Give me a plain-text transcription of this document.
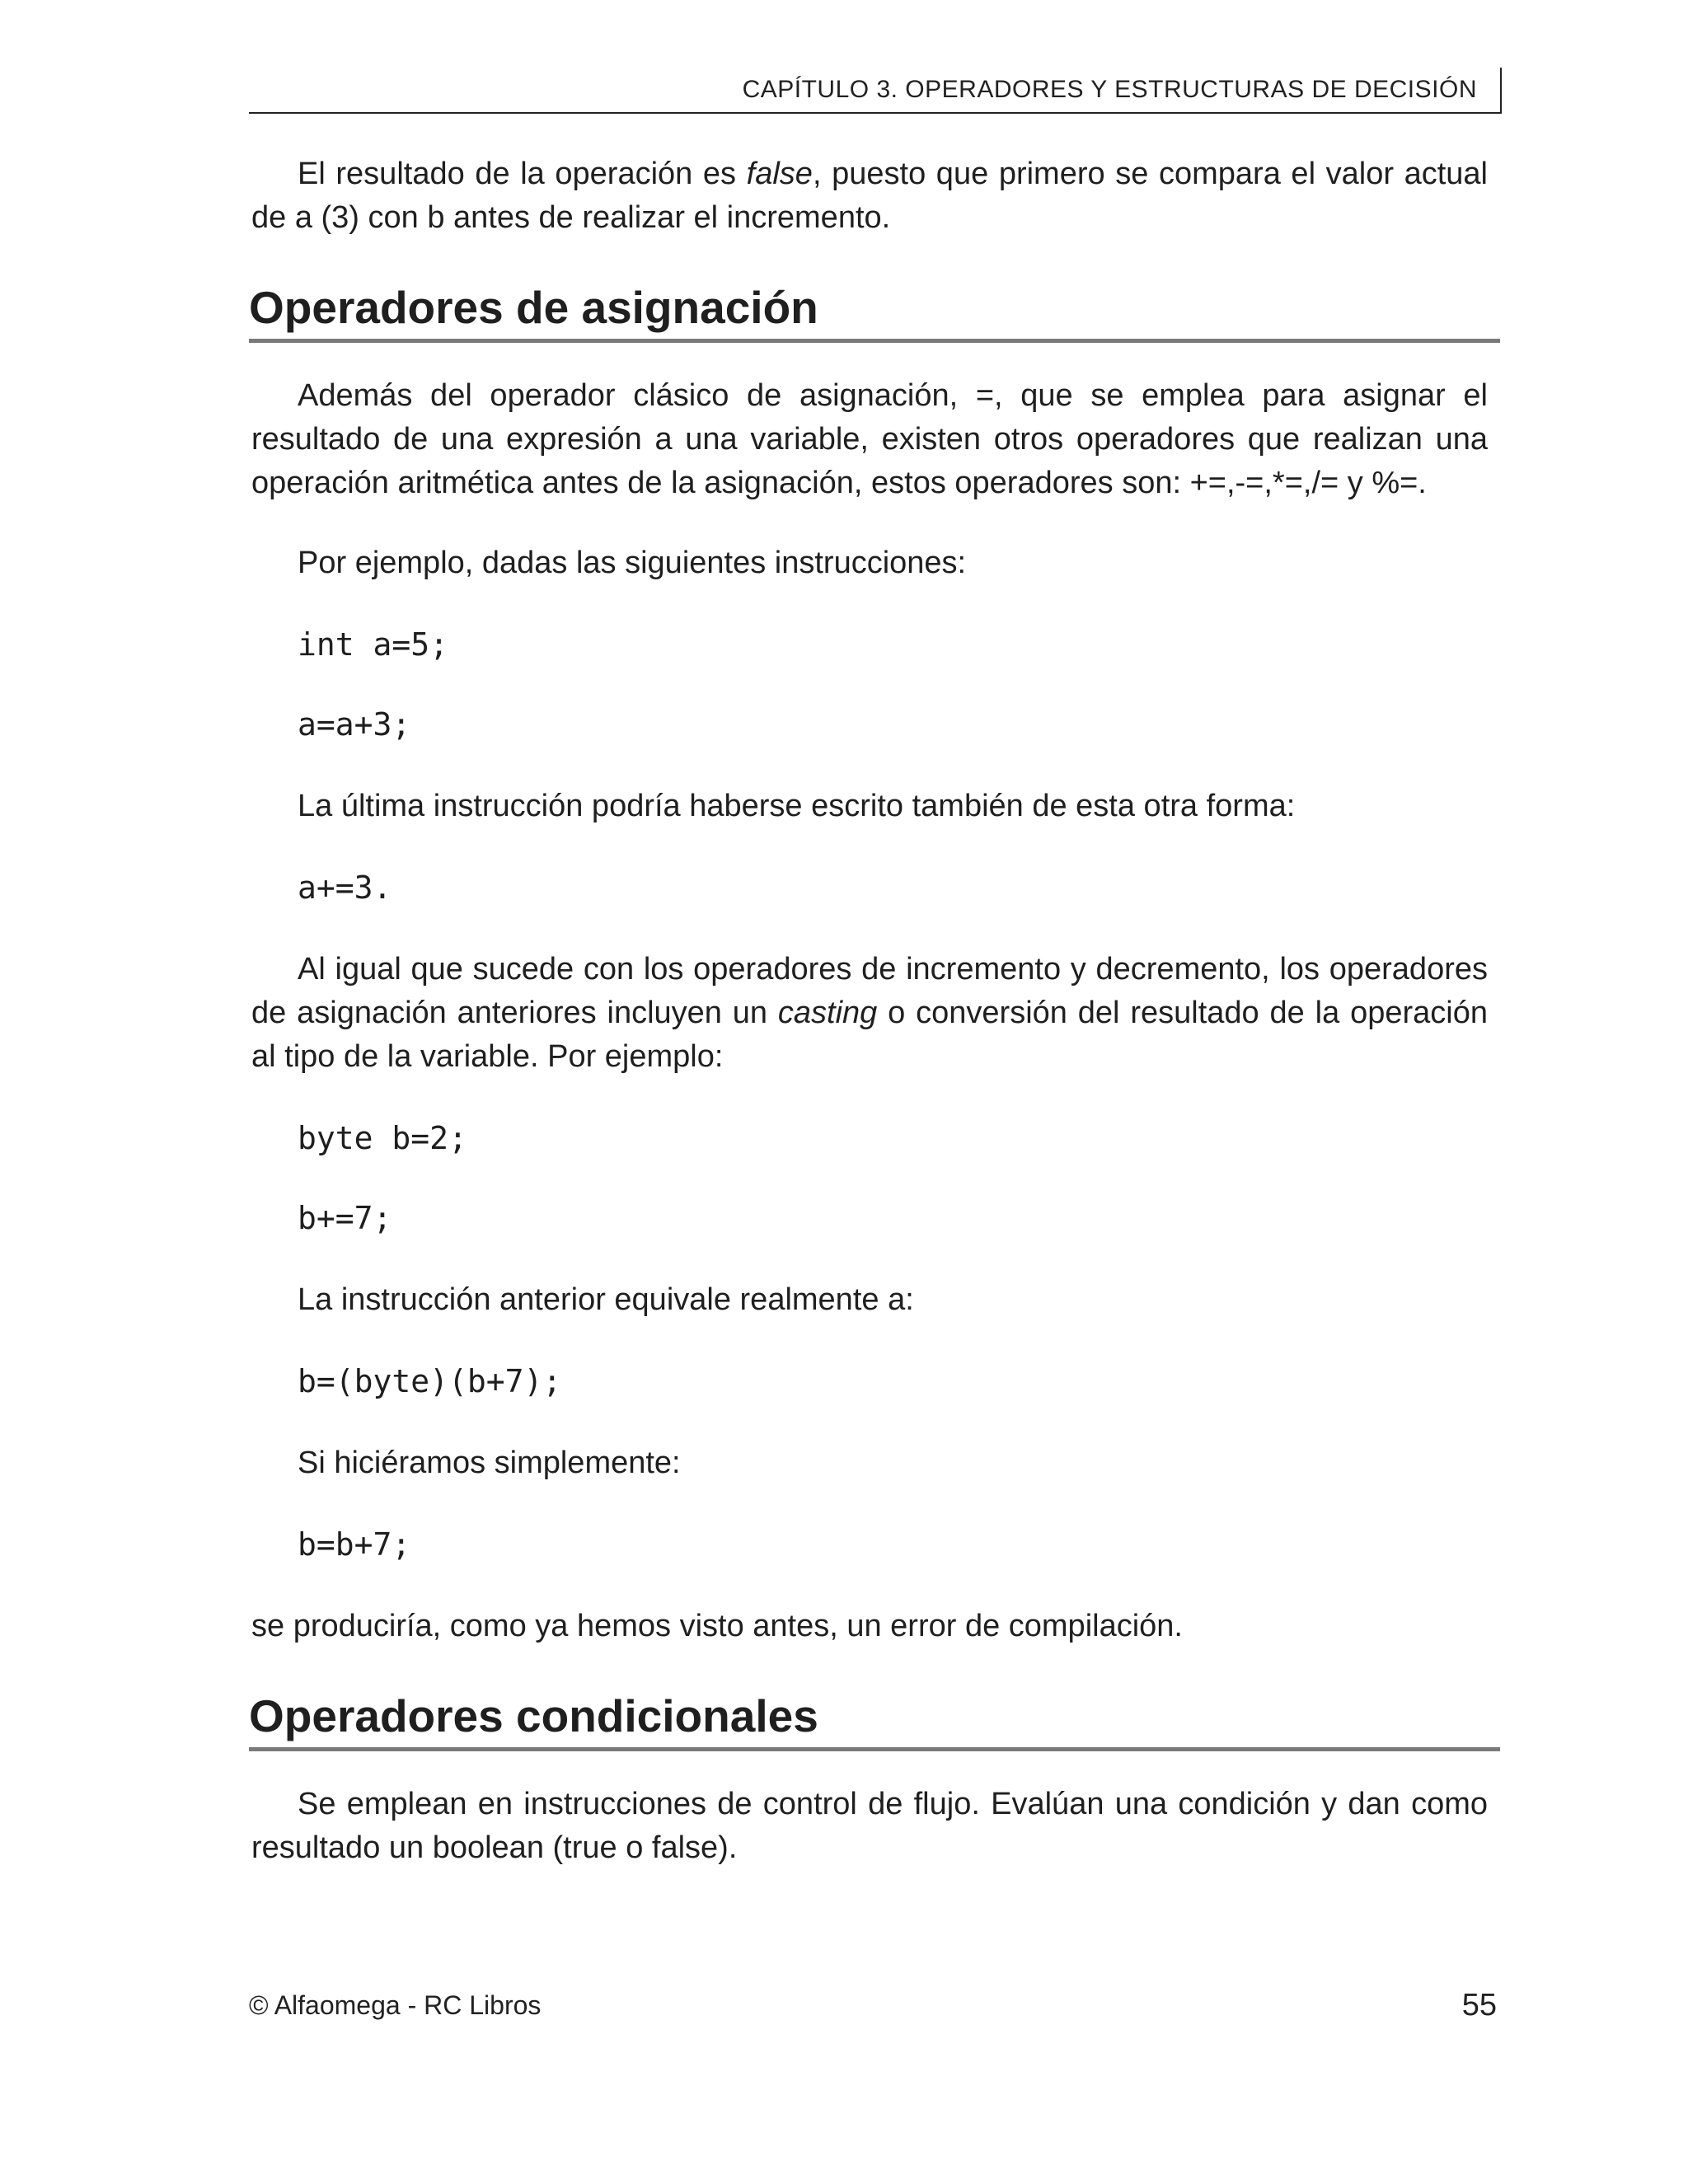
CAPÍTULO 3. OPERADORES Y ESTRUCTURAS DE DECISIÓN

El resultado de la operación es false, puesto que primero se compara el valor actual de a (3) con b antes de realizar el incremento.

Operadores de asignación

Además del operador clásico de asignación, =, que se emplea para asignar el resultado de una expresión a una variable, existen otros operadores que realizan una operación aritmética antes de la asignación, estos operadores son: +=,-=,*=,/= y %=.

Por ejemplo, dadas las siguientes instrucciones:

int a=5;
a=a+3;

La última instrucción podría haberse escrito también de esta otra forma:

a+=3.

Al igual que sucede con los operadores de incremento y decremento, los operadores de asignación anteriores incluyen un casting o conversión del resultado de la operación al tipo de la variable. Por ejemplo:

byte b=2;
b+=7;

La instrucción anterior equivale realmente a:

b=(byte)(b+7);

Si hiciéramos simplemente:

b=b+7;

se produciría, como ya hemos visto antes, un error de compilación.

Operadores condicionales

Se emplean en instrucciones de control de flujo. Evalúan una condición y dan como resultado un boolean (true o false).

© Alfaomega - RC Libros	55
